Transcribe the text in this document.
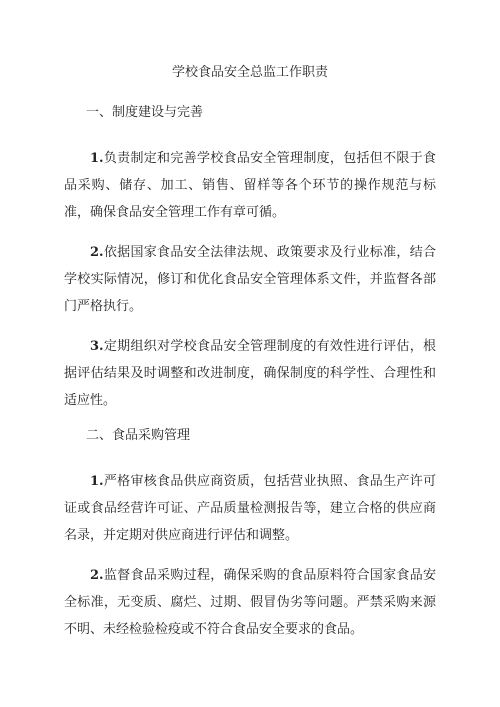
学校食品安全总监工作职责

一、制度建设与完善

1.负责制定和完善学校食品安全管理制度，包括但不限于食品采购、储存、加工、销售、留样等各个环节的操作规范与标准，确保食品安全管理工作有章可循。

2.依据国家食品安全法律法规、政策要求及行业标准，结合学校实际情况，修订和优化食品安全管理体系文件，并监督各部门严格执行。

3.定期组织对学校食品安全管理制度的有效性进行评估，根据评估结果及时调整和改进制度，确保制度的科学性、合理性和适应性。

二、食品采购管理

1.严格审核食品供应商资质，包括营业执照、食品生产许可证或食品经营许可证、产品质量检测报告等，建立合格的供应商名录，并定期对供应商进行评估和调整。

2.监督食品采购过程，确保采购的食品原料符合国家食品安全标准，无变质、腐烂、过期、假冒伪劣等问题。严禁采购来源不明、未经检验检疫或不符合食品安全要求的食品。
